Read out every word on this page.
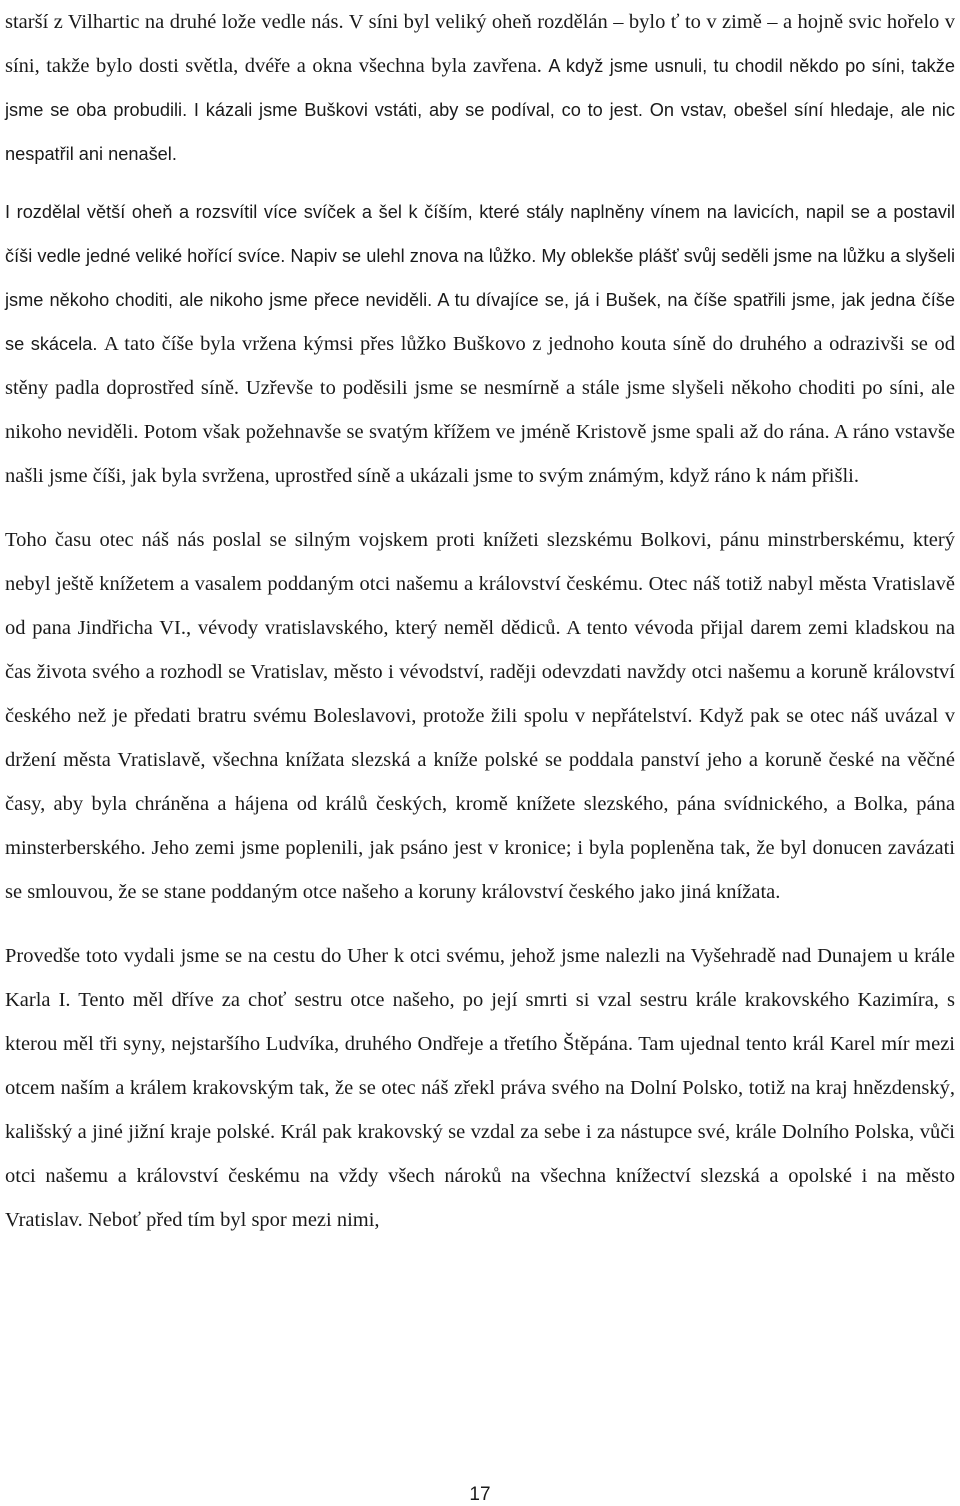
starší z Vilhartic na druhé lože vedle nás. V síni byl veliký oheň rozdělán – bylo ť to v zimě – a hojně svic hořelo v síni, takže bylo dosti světla, dvéře a okna všechna byla zavřena. A když jsme usnuli, tu chodil někdo po síni, takže jsme se oba probudili. I kázali jsme Buškovi vstáti, aby se podíval, co to jest. On vstav, obešel síní hledaje, ale nic nespatřil ani nenašel.

I rozdělal větší oheň a rozsvítil více svíček a šel k číším, které stály naplněny vínem na lavicích, napil se a postavil číši vedle jedné veliké hořící svíce. Napiv se ulehl znova na lůžko. My oblekše plášť svůj seděli jsme na lůžku a slyšeli jsme někoho choditi, ale nikoho jsme přece neviděli. A tu dívajíce se, já i Bušek, na číše spatřili jsme, jak jedna číše se skácela. A tato číše byla vržena kýmsi přes lůžko Buškovo z jednoho kouta síně do druhého a odrazivši se od stěny padla doprostřed síně. Uzřevše to poděsili jsme se nesmírně a stále jsme slyšeli někoho choditi po síni, ale nikoho neviděli. Potom však požehnavše se svatým křížem ve jméně Kristově jsme spali až do rána. A ráno vstavše našli jsme číši, jak byla svržena, uprostřed síně a ukázali jsme to svým známým, když ráno k nám přišli.

Toho času otec náš nás poslal se silným vojskem proti knížeti slezskému Bolkovi, pánu minstrberskému, který nebyl ještě knížetem a vasalem poddaným otci našemu a království českému. Otec náš totiž nabyl města Vratislavě od pana Jindřicha VI., vévody vratislavského, který neměl dědiců. A tento vévoda přijal darem zemi kladskou na čas života svého a rozhodl se Vratislav, město i vévodství, raději odevzdati navždy otci našemu a koruně království českého než je předati bratru svému Boleslavovi, protože žili spolu v nepřátelství. Když pak se otec náš uvázal v držení města Vratislavě, všechna knížata slezská a kníže polské se poddala panství jeho a koruně české na věčné časy, aby byla chráněna a hájena od králů českých, kromě knížete slezského, pána svídnického, a Bolka, pána minsterberského. Jeho zemi jsme poplenili, jak psáno jest v kronice; i byla popleněna tak, že byl donucen zavázati se smlouvou, že se stane poddaným otce našeho a koruny království českého jako jiná knížata.

Provedše toto vydali jsme se na cestu do Uher k otci svému, jehož jsme nalezli na Vyšehradě nad Dunajem u krále Karla I. Tento měl dříve za choť sestru otce našeho, po její smrti si vzal sestru krále krakovského Kazimíra, s kterou měl tři syny, nejstaršího Ludvíka, druhého Ondřeje a třetího Štěpána. Tam ujednal tento král Karel mír mezi otcem naším a králem krakovským tak, že se otec náš zřekl práva svého na Dolní Polsko, totiž na kraj hnězdenský, kališský a jiné jižní kraje polské. Král pak krakovský se vzdal za sebe i za nástupce své, krále Dolního Polska, vůči otci našemu a království českému na vždy všech nároků na všechna knížectví slezská a opolské i na město Vratislav. Neboť před tím byl spor mezi nimi,

17
